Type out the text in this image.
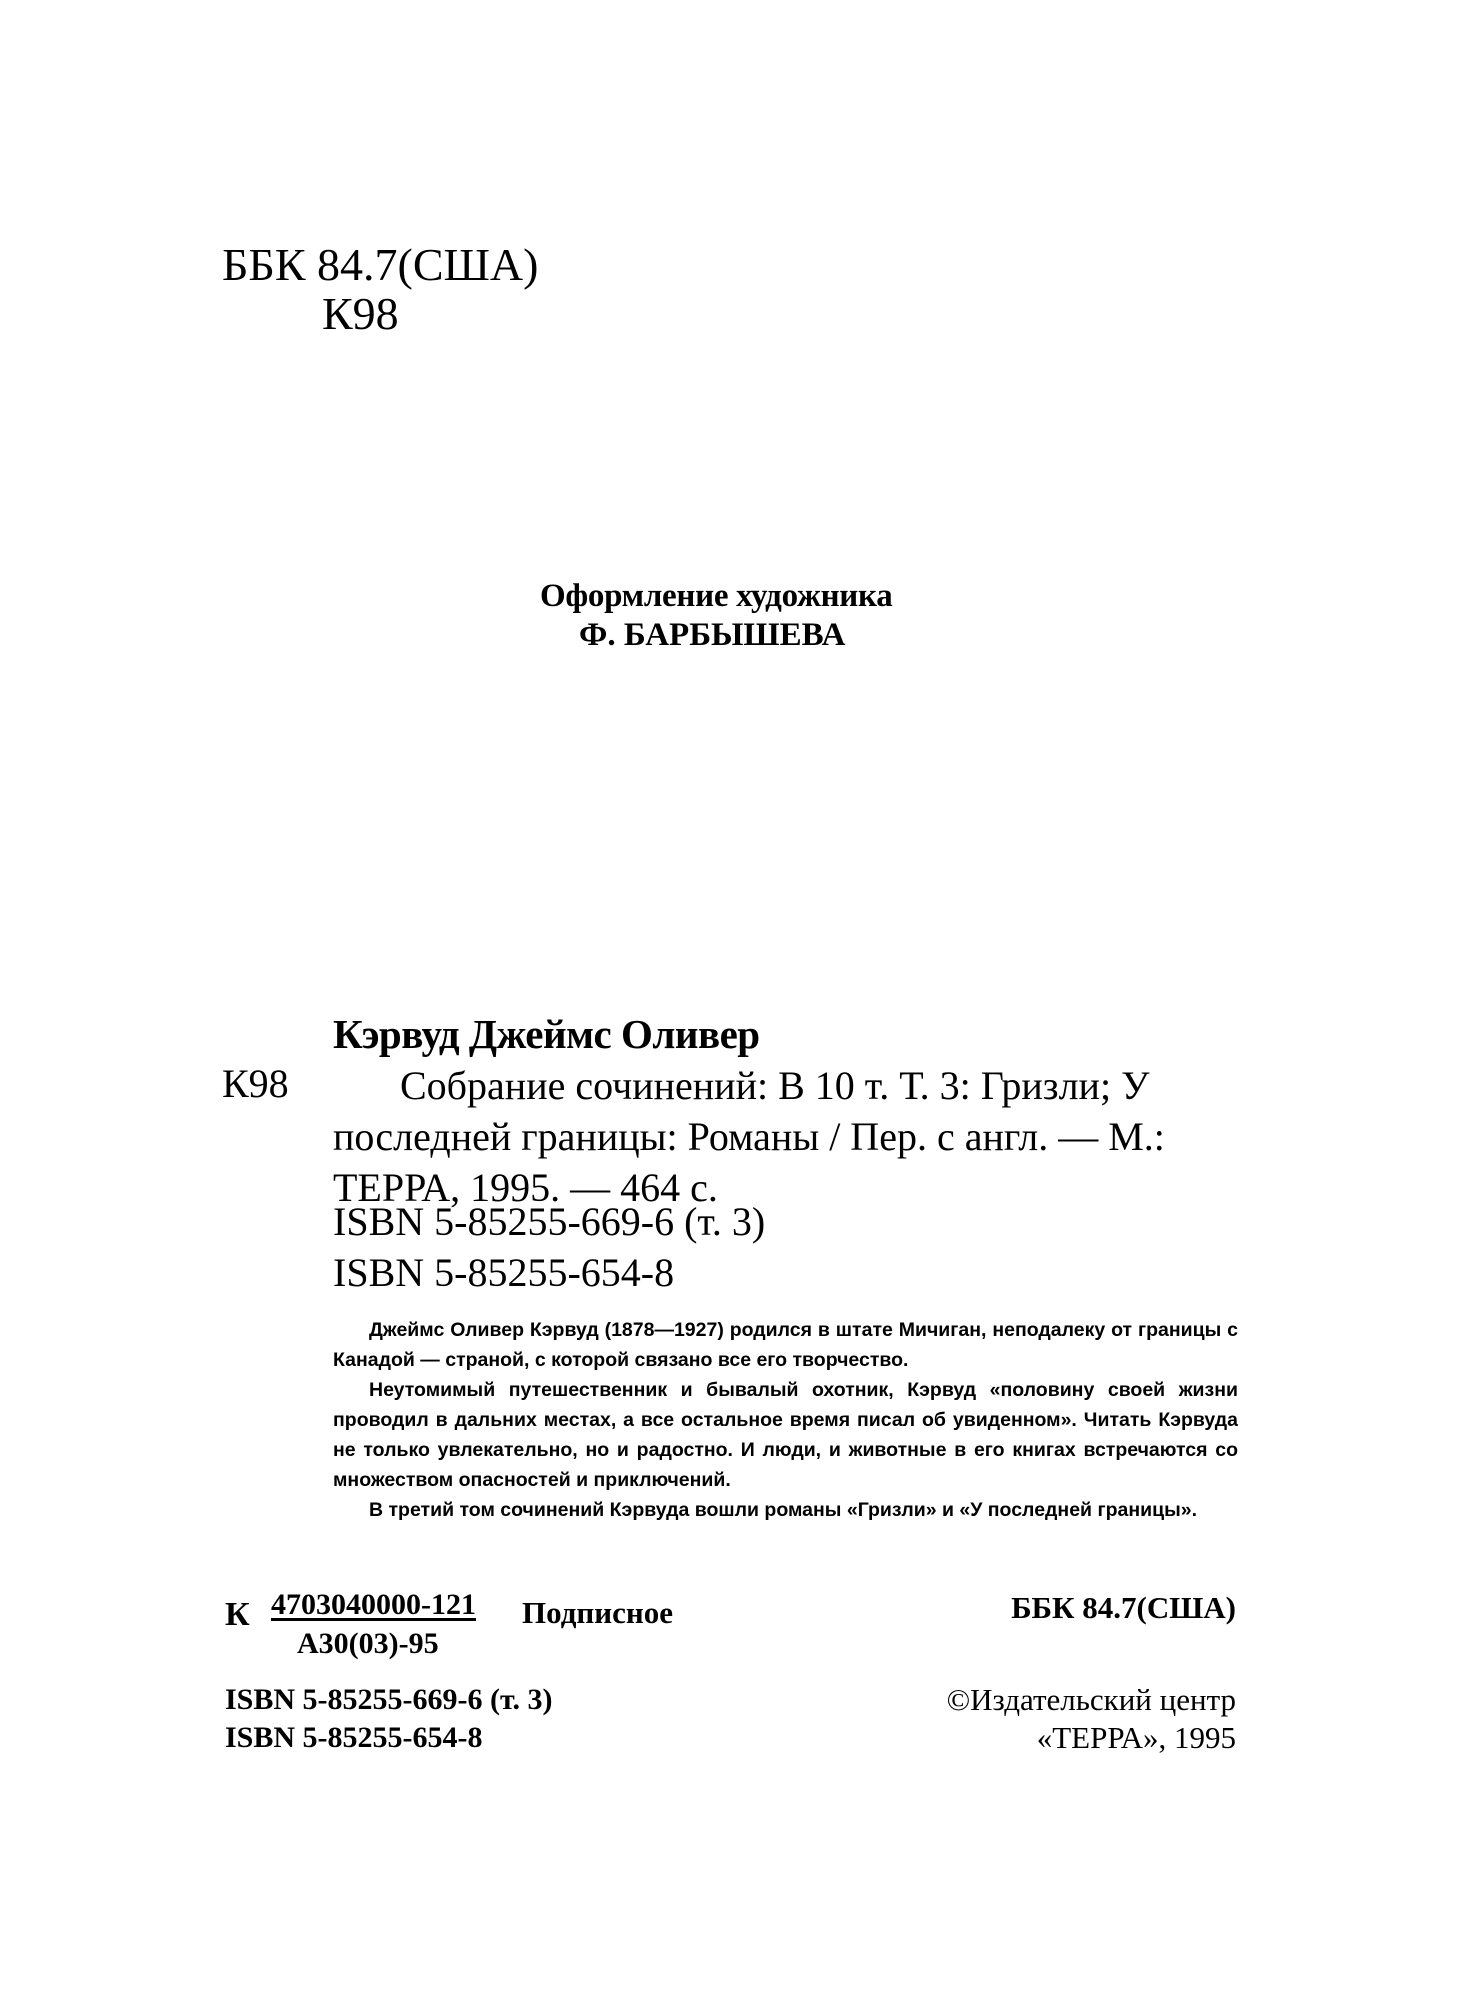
ББК 84.7(США)
К98
Оформление художника
Ф. БАРБЫШЕВА
Кэрвуд Джеймс Оливер
К98	Собрание сочинений: В 10 т. Т. 3: Гризли; У
последней границы: Романы / Пер. с англ. — М.:
ТЕРРА, 1995. — 464 с.
ISBN 5-85255-669-6 (т. 3)
ISBN 5-85255-654-8

Джеймс Оливер Кэрвуд (1878—1927) родился в штате Мичиган, неподалеку от границы с Канадой — страной, с которой связано все его творчество.

Неутомимый путешественник и бывалый охотник, Кэрвуд «половину своей жизни проводил в дальних местах, а все остальное время писал об увиденном». Читать Кэрвуда не только увлекательно, но и радостно. И люди, и животные в его книгах встречаются со множеством опасностей и приключений.

В третий том сочинений Кэрвуда вошли романы «Гризли» и «У последней границы».

К 4703040000-121 Подписное
А30(03)-95
ББК 84.7(США)
ISBN 5-85255-669-6 (т. 3)
ISBN 5-85255-654-8
©Издательский центр
«ТЕРРА», 1995
